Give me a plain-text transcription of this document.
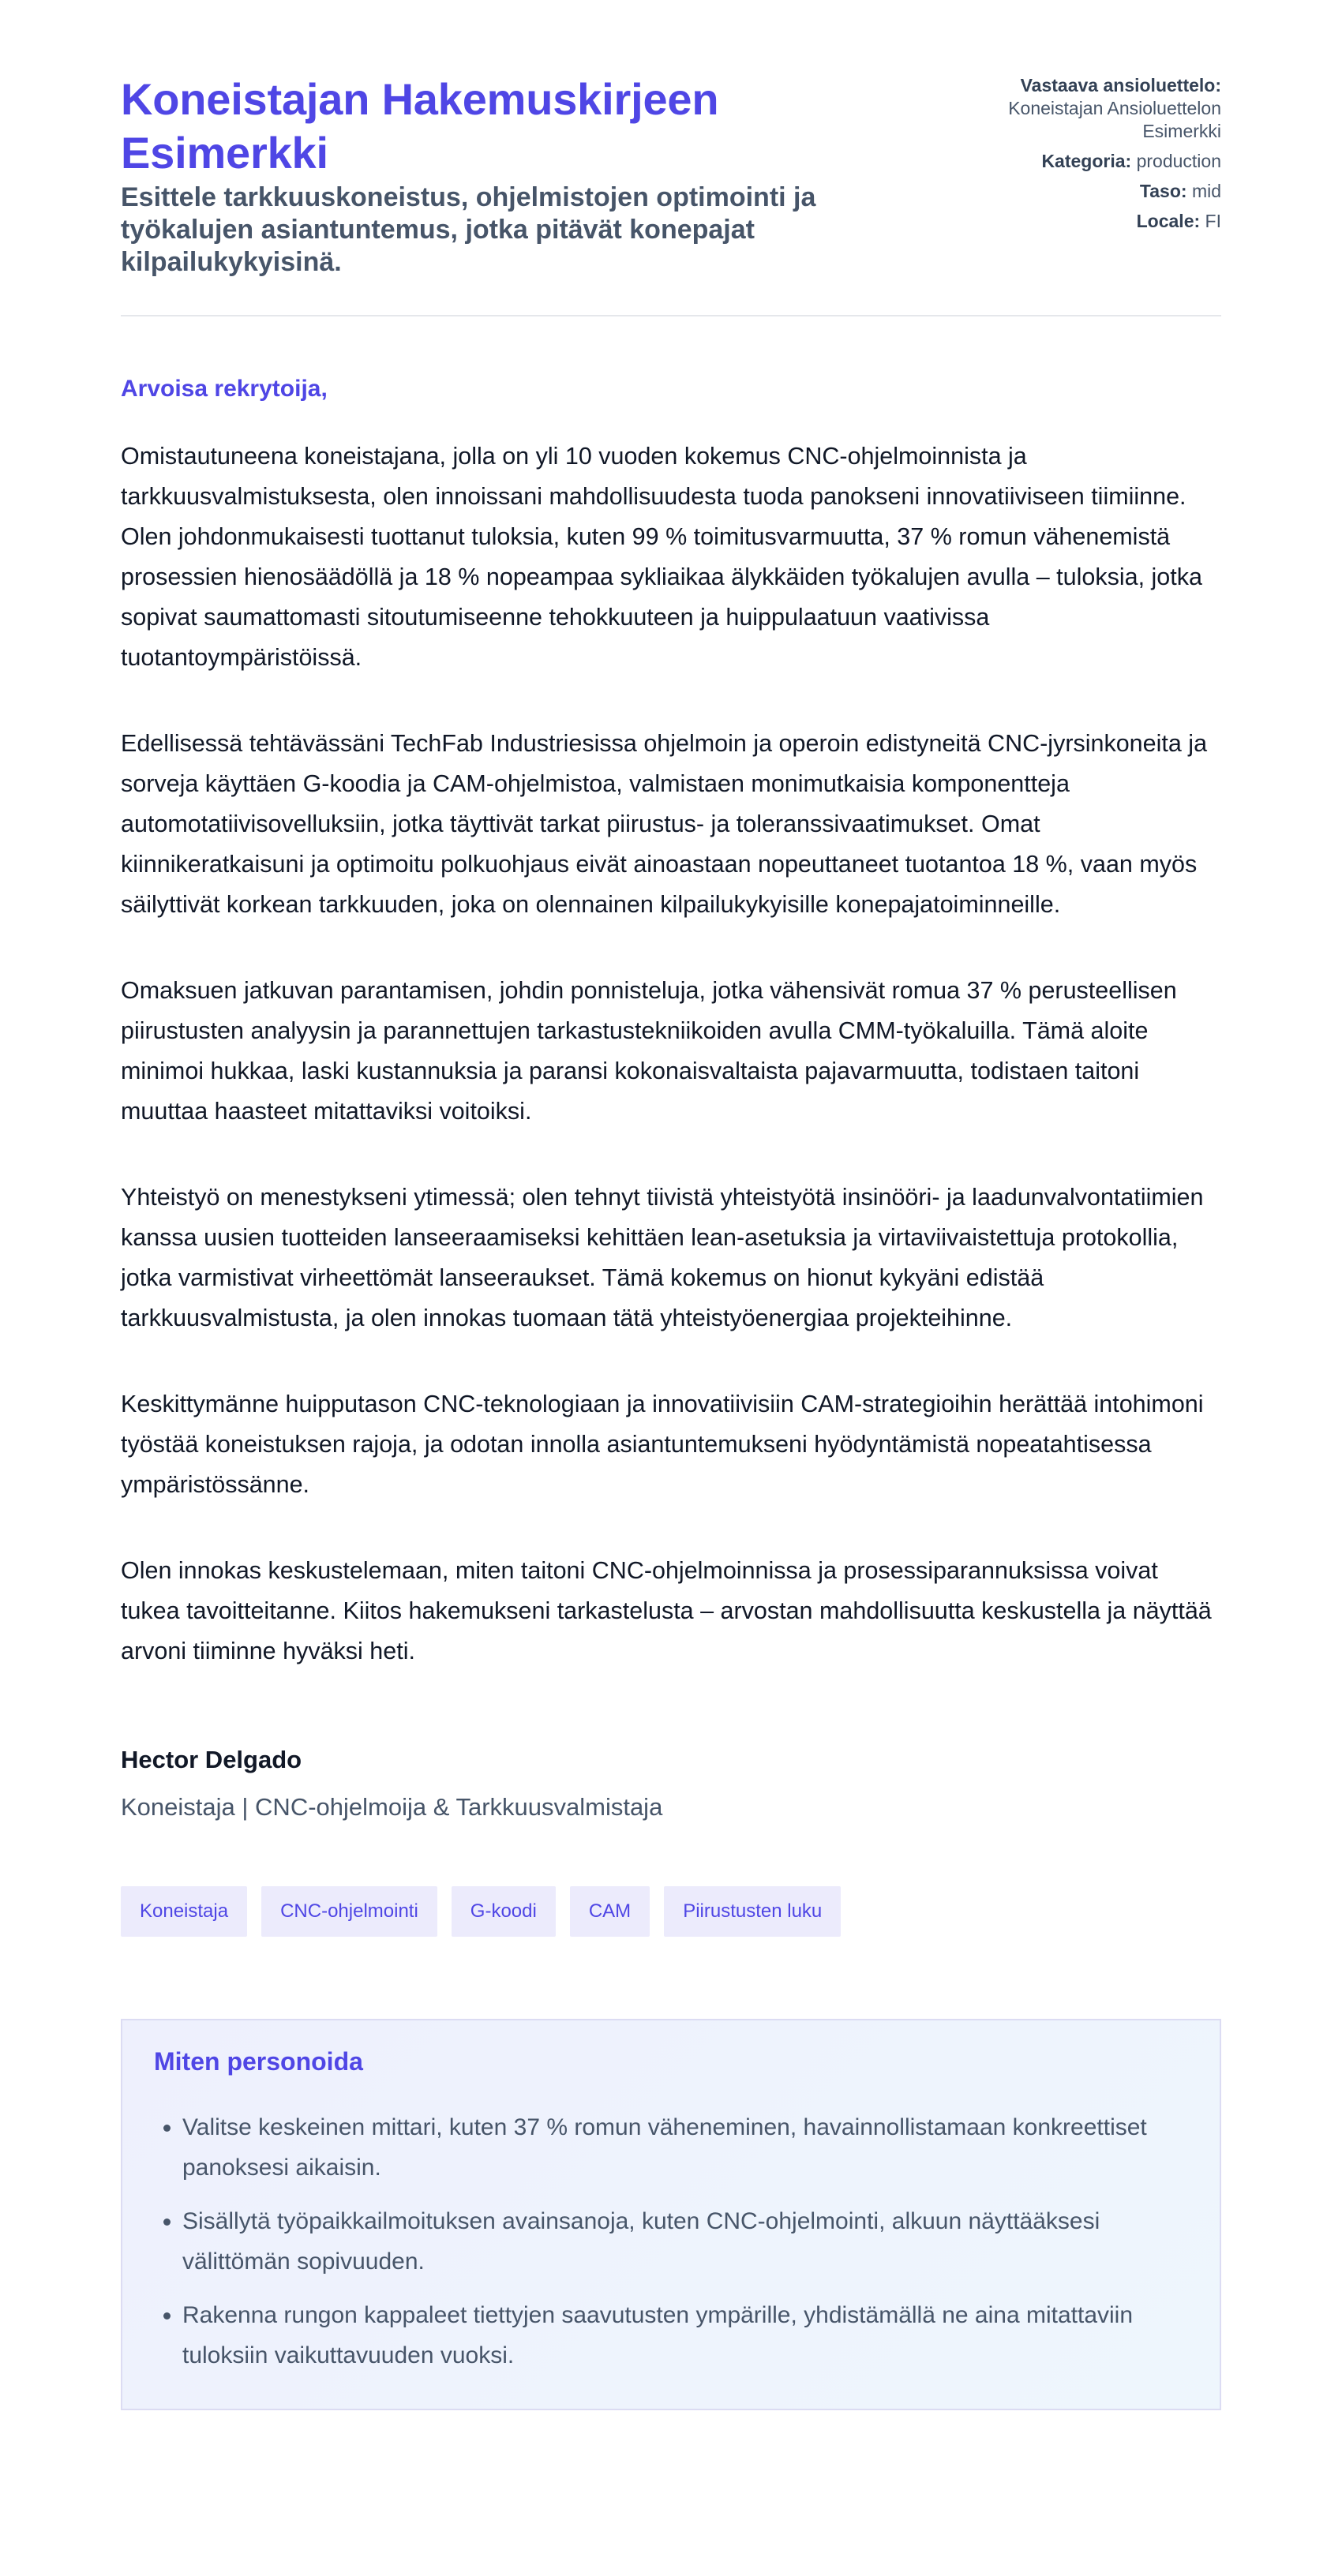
Koneistajan Hakemuskirjeen Esimerkki
Esittele tarkkuuskoneistus, ohjelmistojen optimointi ja työkalujen asiantuntemus, jotka pitävät konepajat kilpailukykyisinä.
Vastaava ansioluettelo:
Koneistajan Ansioluettelon Esimerkki
Kategoria: production
Taso: mid
Locale: FI

Arvoisa rekrytoija,

Omistautuneena koneistajana, jolla on yli 10 vuoden kokemus CNC-ohjelmoinnista ja tarkkuusvalmistuksesta, olen innoissani mahdollisuudesta tuoda panokseni innovatiiviseen tiimiinne. Olen johdonmukaisesti tuottanut tuloksia, kuten 99 % toimitusvarmuutta, 37 % romun vähenemistä prosessien hienosäädöllä ja 18 % nopeampaa sykliaikaa älykkäiden työkalujen avulla – tuloksia, jotka sopivat saumattomasti sitoutumiseenne tehokkuuteen ja huippulaatuun vaativissa tuotantoympäristöissä.

Edellisessä tehtävässäni TechFab Industriesissa ohjelmoin ja operoin edistyneitä CNC-jyrsinkoneita ja sorveja käyttäen G-koodia ja CAM-ohjelmistoa, valmistaen monimutkaisia komponentteja automotatiivisovelluksiin, jotka täyttivät tarkat piirustus- ja toleranssivaatimukset. Omat kiinnikeratkaisuni ja optimoitu polkuohjaus eivät ainoastaan nopeuttaneet tuotantoa 18 %, vaan myös säilyttivät korkean tarkkuuden, joka on olennainen kilpailukykyisille konepajatoiminneille.

Omaksuen jatkuvan parantamisen, johdin ponnisteluja, jotka vähensivät romua 37 % perusteellisen piirustusten analyysin ja parannettujen tarkastustekniikoiden avulla CMM-työkaluilla. Tämä aloite minimoi hukkaa, laski kustannuksia ja paransi kokonaisvaltaista pajavarmuutta, todistaen taitoni muuttaa haasteet mitattaviksi voitoiksi.

Yhteistyö on menestykseni ytimessä; olen tehnyt tiivistä yhteistyötä insinööri- ja laadunvalvontatiimien kanssa uusien tuotteiden lanseeraamiseksi kehittäen lean-asetuksia ja virtaviivaistettuja protokollia, jotka varmistivat virheettömät lanseeraukset. Tämä kokemus on hionut kykyäni edistää tarkkuusvalmistusta, ja olen innokas tuomaan tätä yhteistyöenergiaa projekteihinne.

Keskittymänne huipputason CNC-teknologiaan ja innovatiivisiin CAM-strategioihin herättää intohimoni työstää koneistuksen rajoja, ja odotan innolla asiantuntemukseni hyödyntämistä nopeatahtisessa ympäristössänne.

Olen innokas keskustelemaan, miten taitoni CNC-ohjelmoinnissa ja prosessiparannuksissa voivat tukea tavoitteitanne. Kiitos hakemukseni tarkastelusta – arvostan mahdollisuutta keskustella ja näyttää arvoni tiiminne hyväksi heti.

Hector Delgado
Koneistaja | CNC-ohjelmoija & Tarkkuusvalmistaja
Koneistaja	CNC-ohjelmointi	G-koodi	CAM	Piirustusten luku
Miten personoida
• Valitse keskeinen mittari, kuten 37 % romun väheneminen, havainnollistamaan konkreettiset panoksesi aikaisin.
• Sisällytä työpaikkailmoituksen avainsanoja, kuten CNC-ohjelmointi, alkuun näyttääksesi välittömän sopivuuden.
• Rakenna rungon kappaleet tiettyjen saavutusten ympärille, yhdistämällä ne aina mitattaviin tuloksiin vaikuttavuuden vuoksi.
